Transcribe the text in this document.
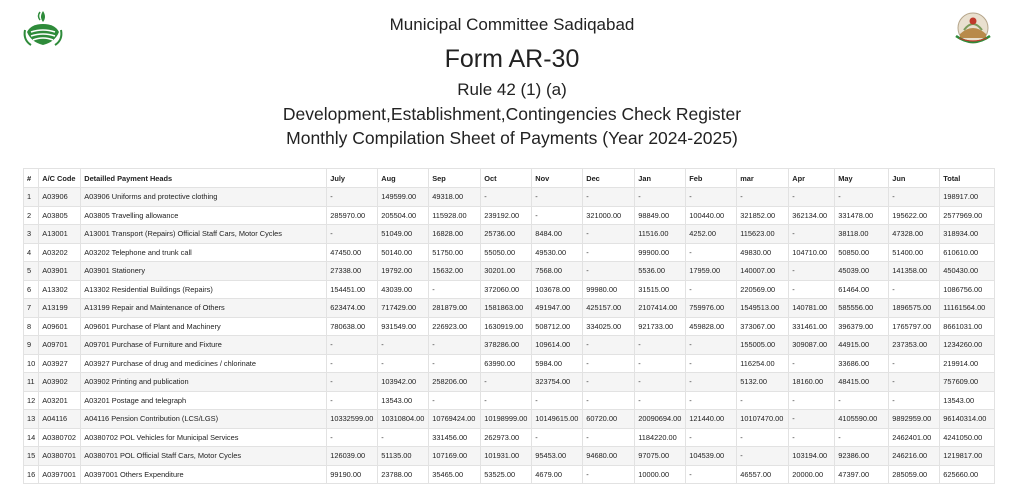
Municipal Committee Sadiqabad
Form AR-30
Rule 42 (1) (a)
Development,Establishment,Contingencies Check Register
Monthly Compilation Sheet of Payments (Year 2024-2025)
#	A/C Code	Detailled Payment Heads	July	Aug	Sep	Oct	Nov	Dec	Jan	Feb	mar	Apr	May	Jun	Total
1	A03906	A03906 Uniforms and protective clothing	-	149599.00	49318.00	-	-	-	-	-	-	-	-	-	198917.00
2	A03805	A03805 Travelling allowance	285970.00	205504.00	115928.00	239192.00	-	321000.00	98849.00	100440.00	321852.00	362134.00	331478.00	195622.00	2577969.00
3	A13001	A13001 Transport (Repairs) Official Staff Cars, Motor Cycles	-	51049.00	16828.00	25736.00	8484.00	-	11516.00	4252.00	115623.00	-	38118.00	47328.00	318934.00
4	A03202	A03202 Telephone and trunk call	47450.00	50140.00	51750.00	55050.00	49530.00	-	99900.00	-	49830.00	104710.00	50850.00	51400.00	610610.00
5	A03901	A03901 Stationery	27338.00	19792.00	15632.00	30201.00	7568.00	-	5536.00	17959.00	140007.00	-	45039.00	141358.00	450430.00
6	A13302	A13302 Residential Buildings (Repairs)	154451.00	43039.00	-	372060.00	103678.00	99980.00	31515.00	-	220569.00	-	61464.00	-	1086756.00
7	A13199	A13199 Repair and Maintenance of Others	623474.00	717429.00	281879.00	1581863.00	491947.00	425157.00	2107414.00	759976.00	1549513.00	140781.00	585556.00	1896575.00	11161564.00
8	A09601	A09601 Purchase of Plant and Machinery	780638.00	931549.00	226923.00	1630919.00	508712.00	334025.00	921733.00	459828.00	373067.00	331461.00	396379.00	1765797.00	8661031.00
9	A09701	A09701 Purchase of Furniture and Fixture	-	-	-	378286.00	109614.00	-	-	-	155005.00	309087.00	44915.00	237353.00	1234260.00
10	A03927	A03927 Purchase of drug and medicines / chlorinate	-	-	-	63990.00	5984.00	-	-	-	116254.00	-	33686.00	-	219914.00
11	A03902	A03902 Printing and publication	-	103942.00	258206.00	-	323754.00	-	-	-	5132.00	18160.00	48415.00	-	757609.00
12	A03201	A03201 Postage and telegraph	-	13543.00	-	-	-	-	-	-	-	-	-	-	13543.00
13	A04116	A04116 Pension Contribution (LCS/LGS)	10332599.00	10310804.00	10769424.00	10198999.00	10149615.00	60720.00	20090694.00	121440.00	10107470.00	-	4105590.00	9892959.00	96140314.00
14	A0380702	A0380702 POL Vehicles for Municipal Services	-	-	331456.00	262973.00	-	-	1184220.00	-	-	-	-	2462401.00	4241050.00
15	A0380701	A0380701 POL Official Staff Cars, Motor Cycles	126039.00	51135.00	107169.00	101931.00	95453.00	94680.00	97075.00	104539.00	-	103194.00	92386.00	246216.00	1219817.00
16	A0397001	A0397001 Others Expenditure	99190.00	23788.00	35465.00	53525.00	4679.00	-	10000.00	-	46557.00	20000.00	47397.00	285059.00	625660.00
